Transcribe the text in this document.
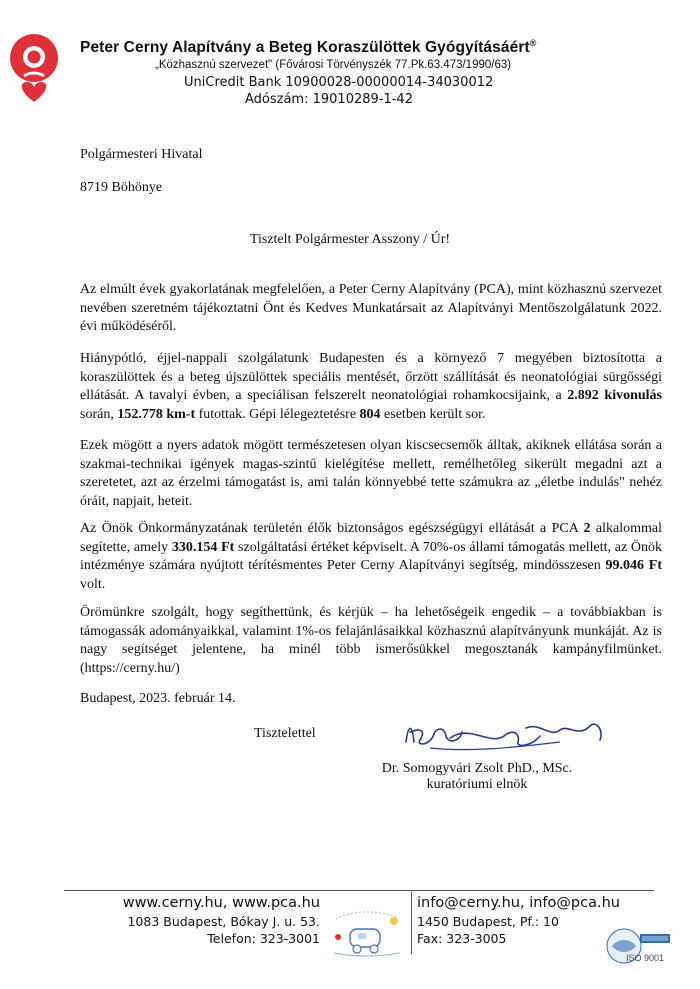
Peter Cerny Alapítvány a Beteg Koraszülöttek Gyógyításáért®
„Közhasznú szervezet" (Fővárosi Törvényszék 77.Pk.63.473/1990/63)
UniCredit Bank 10900028-00000014-34030012
Adószám: 19010289-1-42
Polgármesteri Hivatal
8719 Böhönye
Tisztelt Polgármester Asszony / Úr!
Az elmúlt évek gyakorlatának megfelelően, a Peter Cerny Alapítvány (PCA), mint közhasznú szervezet nevében szeretném tájékoztatni Önt és Kedves Munkatársait az Alapítványi Mentőszolgálatunk 2022. évi működéséről.
Hiánypótló, éjjel-nappali szolgálatunk Budapesten és a környező 7 megyében biztosította a koraszülöttek és a beteg újszülöttek speciális mentését, őrzött szállítását és neonatológiai sürgősségi ellátását. A tavalyi évben, a speciálisan felszerelt neonatológiai rohamkocsijaink, a 2.892 kivonulás során, 152.778 km-t futottak. Gépi lélegeztetésre 804 esetben került sor.
Ezek mögött a nyers adatok mögött természetesen olyan kiscsecsemők álltak, akiknek ellátása során a szakmai-technikai igények magas-szintű kielégítése mellett, remélhetőleg sikerült megadni azt a szeretetet, azt az érzelmi támogatást is, ami talán könnyebbé tette számukra az „életbe indulás" nehéz óráit, napjait, heteit.
Az Önök Önkormányzatának területén élők biztonságos egészségügyi ellátását a PCA 2 alkalommal segítette, amely 330.154 Ft szolgáltatási értéket képviselt. A 70%-os állami támogatás mellett, az Önök intézménye számára nyújtott térítésmentes Peter Cerny Alapítványi segítség, mindösszesen 99.046 Ft volt.
Örömünkre szolgált, hogy segíthettünk, és kérjük – ha lehetőségeik engedik – a továbbiakban is támogassák adományaikkal, valamint 1%-os felajánlásaikkal közhasznú alapítványunk munkáját. Az is nagy segítséget jelentene, ha minél több ismerősükkel megosztanák kampányfilmünket. (https://cerny.hu/)
Budapest, 2023. február 14.
Tisztelettel
Dr. Somogyvári Zsolt PhD., MSc.
kuratóriumi elnök
www.cerny.hu, www.pca.hu
1083 Budapest, Bókay J. u. 53.
Telefon: 323-3001
info@cerny.hu, info@pca.hu
1450 Budapest, Pf.: 10
Fax: 323-3005
ISO 9001
